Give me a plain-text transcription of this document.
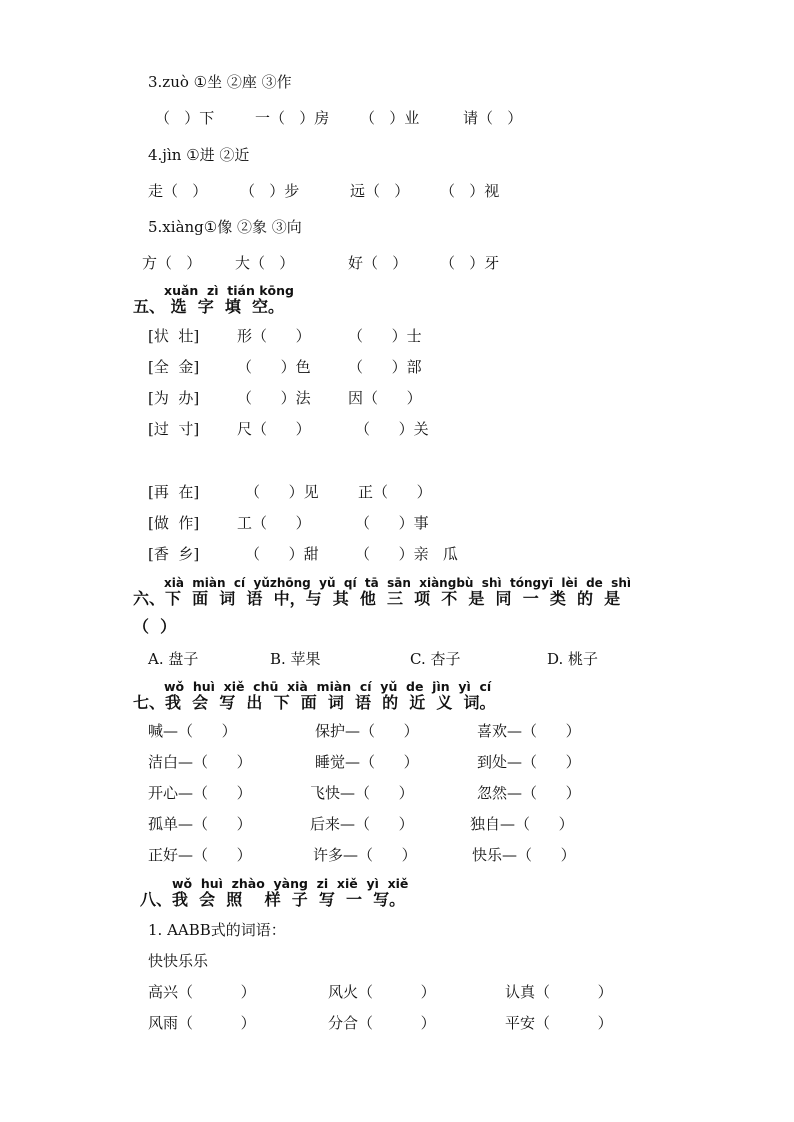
3.zuò ①坐 ②座 ③作
（   ）下	一（   ）房 （   ）业	请（   ）
4.jìn ①进 ②近
走（   ） （   ）步	远（   ） （   ）视
5.xiàng①像 ②象 ③向
方（   ） 大（   ）	好（   ） （   ）牙
xuǎn  zì  tián kōng
五、 选  字  填  空。
[状  壮]	形（      ） （      ）士
[全  金]	（      ）色 （      ）部
[为  办]	（      ）法 因（      ）
[过  寸]	尺（      ）	（      ）关
[再  在]	（      ）见	正（      ）
[做  作]	工（      ）	（      ）事
[香  乡]	（      ）甜 （      ）亲   瓜
xià  miàn  cí  yǔzhōng  yǔ  qí  tā  sān  xiàngbù  shì  tóngyī  lèi  de  shì
六、下  面  词  语  中，与  其  他  三  项  不  是  同  一  类  的  是
（  ）
A. 盘子	B. 苹果	C. 杏子	D. 桃子
wǒ  huì  xiě  chū  xià  miàn  cí  yǔ  de  jìn  yì  cí
七、我  会  写  出  下  面  词  语  的  近  义  词。
喊—（      ）	保护—（      ）	喜欢—（      ）
洁白—（      ）	睡觉—（      ）	到处—（      ）
开心—（      ）	飞快—（      ）	忽然—（      ）
孤单—（      ）	后来—（      ）	独自—（      ）
正好—（      ）	许多—（      ）	快乐—（      ）
wǒ  huì  zhào  yàng  zi  xiě  yì  xiě
八、我  会  照    样  子  写  一  写。
1. AABB式的词语：
快快乐乐
高兴（          ）	风火（          ）	认真（          ）
风雨（          ）	分合（          ）	平安（          ）
